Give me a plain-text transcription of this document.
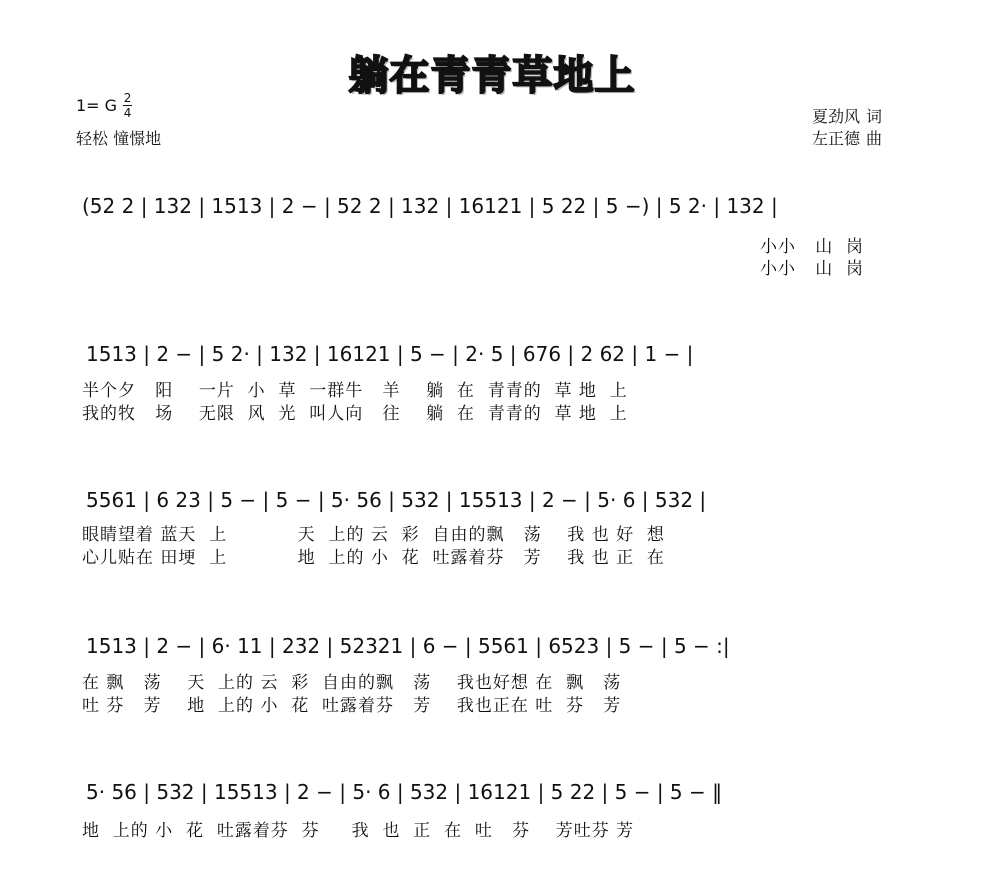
躺在青青草地上
1= G $\frac{2}{4}$
轻松 憧憬地
夏劲风 词
左正德 曲
(52 2 | 132 | 1513 | 2 − | 52 2 | 132 | 16121 | 5 22 | 5 −) | 5 2· | 132 |
小小   山  岗
小小   山  岗
1513 | 2 − | 5 2· | 132 | 16121 | 5 − | 2· 5 | 676 | 2 62 | 1 − |
半个夕   阳    一片  小  草  一群牛   羊    躺  在  青青的  草 地  上
我的牧   场    无限  风  光  叫人向   往    躺  在  青青的  草 地  上
5561 | 6 23 | 5 − | 5 − | 5· 56 | 532 | 15513 | 2 − | 5· 6 | 532 |
眼睛望着 蓝天  上           天  上的 云  彩  自由的飘   荡    我 也 好  想
心儿贴在 田埂  上           地  上的 小  花  吐露着芬   芳    我 也 正  在
1513 | 2 − | 6· 11 | 232 | 52321 | 6 − | 5561 | 6523 | 5 − | 5 − :|
在 飘   荡    天  上的 云  彩  自由的飘   荡    我也好想 在  飘   荡
吐 芬   芳    地  上的 小  花  吐露着芬   芳    我也正在 吐  芬   芳
5· 56 | 532 | 15513 | 2 − | 5· 6 | 532 | 16121 | 5 22 | 5 − | 5 − ‖
地  上的 小  花  吐露着芬  芬     我  也  正  在  吐   芬    芳吐芬 芳
